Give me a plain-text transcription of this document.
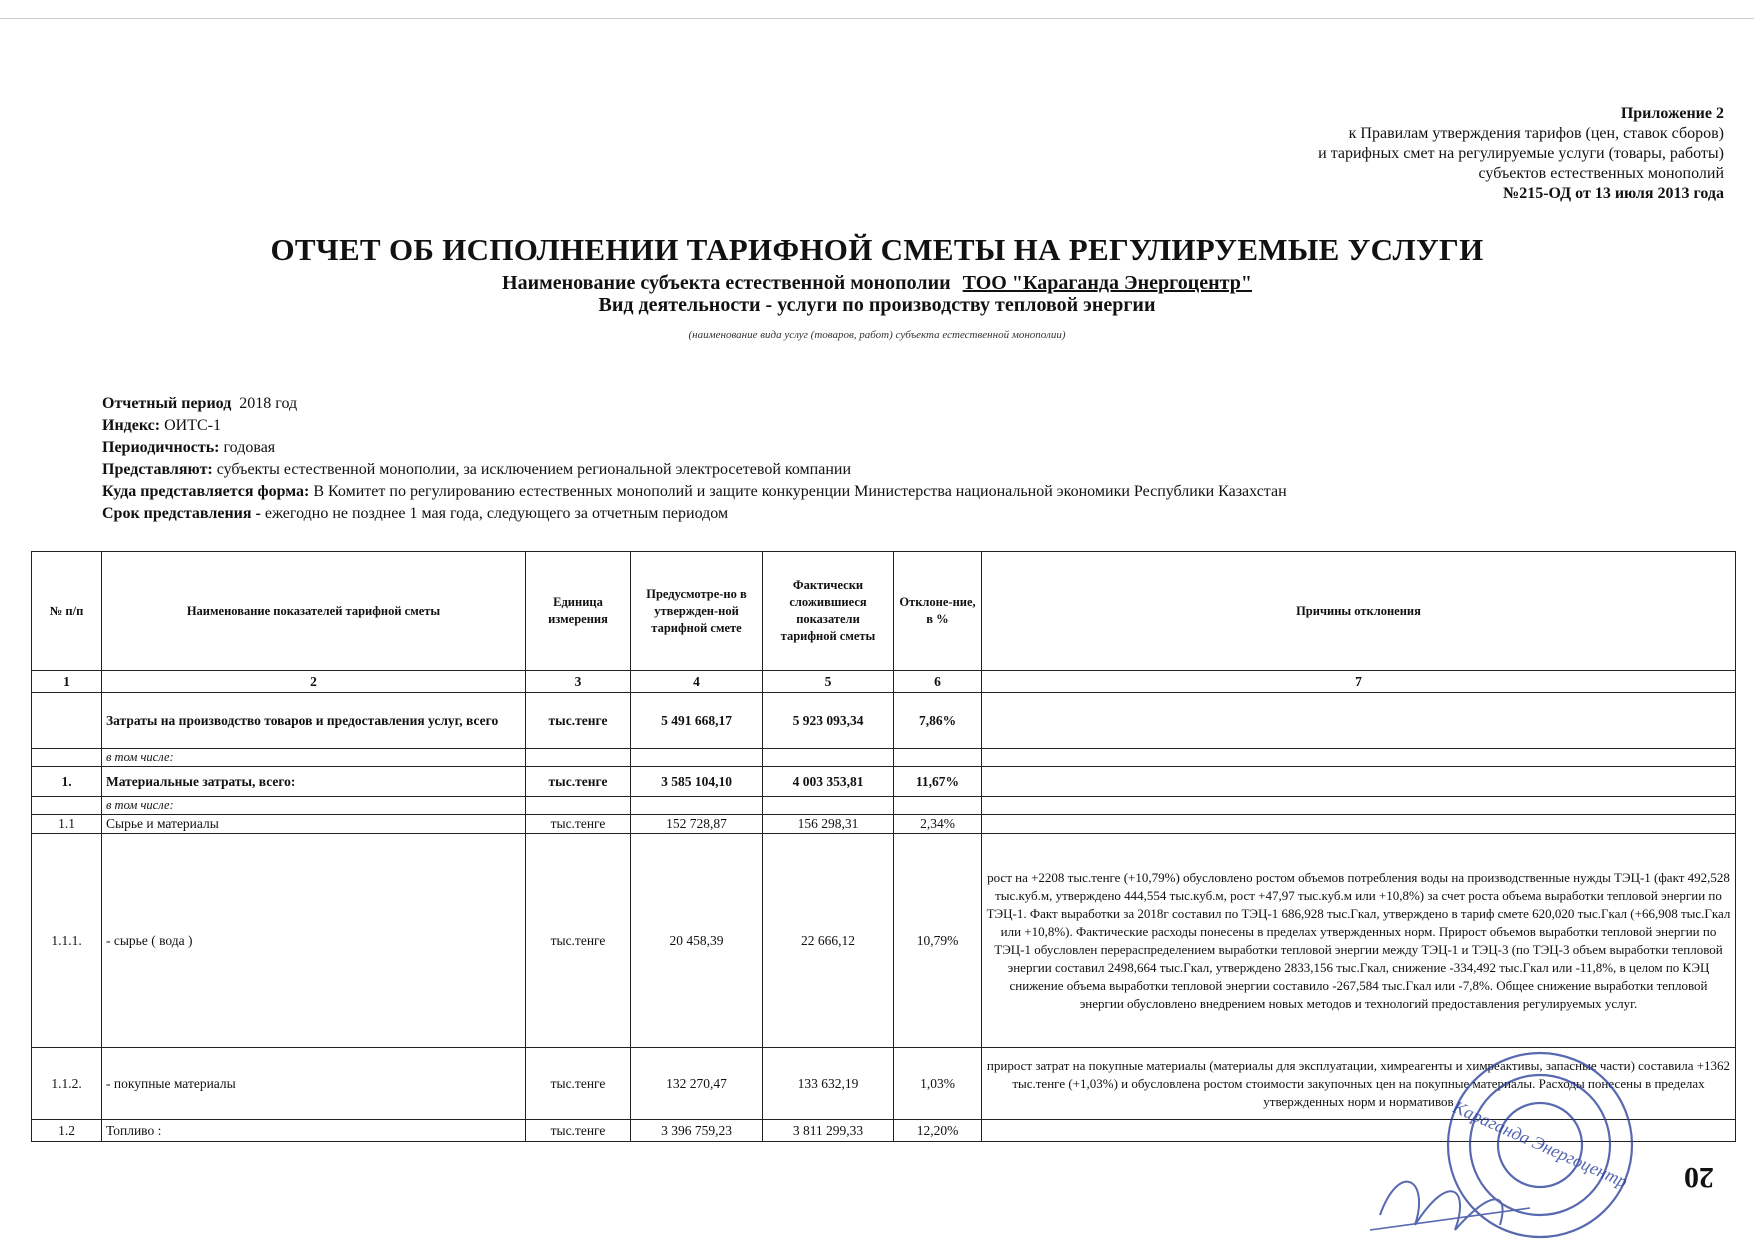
Приложение 2
к Правилам утверждения тарифов (цен, ставок сборов)
и тарифных смет на регулируемые услуги (товары, работы)
субъектов естественных монополий
№215-ОД от 13 июля 2013 года
ОТЧЕТ ОБ ИСПОЛНЕНИИ ТАРИФНОЙ СМЕТЫ НА РЕГУЛИРУЕМЫЕ УСЛУГИ
Наименование субъекта естественной монополии ТОО "Караганда Энергоцентр"
Вид деятельности - услуги по производству тепловой энергии
(наименование вида услуг (товаров, работ) субъекта естественной монополии)
Отчетный период 2018 год
Индекс: ОИТС-1
Периодичность: годовая
Представляют: субъекты естественной монополии, за исключением региональной электросетевой компании
Куда представляется форма: В Комитет по регулированию естественных монополий и защите конкуренции Министерства национальной экономики Республики Казахстан
Срок представления - ежегодно не позднее 1 мая года, следующего за отчетным периодом
№ п/п	Наименование показателей тарифной сметы	Единица измерения	Предусмотре-но в утвержден-ной тарифной смете	Фактически сложившиеся показатели тарифной сметы	Отклоне-ние, в %	Причины отклонения
1	2	3	4	5	6	7
	Затраты на производство товаров и предоставления услуг, всего	тыс.тенге	5 491 668,17	5 923 093,34	7,86%	
	в том числе:					
1.	Материальные затраты, всего:	тыс.тенге	3 585 104,10	4 003 353,81	11,67%	
	в том числе:					
1.1	Сырье и материалы	тыс.тенге	152 728,87	156 298,31	2,34%	
1.1.1.	- сырье ( вода )	тыс.тенге	20 458,39	22 666,12	10,79%	рост на +2208 тыс.тенге (+10,79%) обусловлено ростом объемов потребления воды на производственные нужды ТЭЦ-1 (факт 492,528 тыс.куб.м, утверждено 444,554 тыс.куб.м, рост +47,97 тыс.куб.м или +10,8%) за счет роста объема выработки тепловой энергии по ТЭЦ-1. Факт выработки за 2018г составил по ТЭЦ-1 686,928 тыс.Гкал, утверждено в тариф смете 620,020 тыс.Гкал (+66,908 тыс.Гкал или +10,8%). Фактические расходы понесены в пределах утвержденных норм. Прирост объемов выработки тепловой энергии по ТЭЦ-1 обусловлен перераспределением выработки тепловой энергии между ТЭЦ-1 и ТЭЦ-3 (по ТЭЦ-3 объем выработки тепловой энергии составил 2498,664 тыс.Гкал, утверждено 2833,156 тыс.Гкал, снижение -334,492 тыс.Гкал или -11,8%, в целом по КЭЦ снижение объема выработки тепловой энергии составило -267,584 тыс.Гкал или -7,8%. Общее снижение выработки тепловой энергии обусловлено внедрением новых методов и технологий предоставления регулируемых услуг.
1.1.2.	- покупные материалы	тыс.тенге	132 270,47	133 632,19	1,03%	прирост затрат на покупные материалы (материалы для эксплуатации, химреагенты и химреактивы, запасные части) составила +1362 тыс.тенге (+1,03%) и обусловлена ростом стоимости закупочных цен на покупные материалы. Расходы понесены в пределах утвержденных норм и нормативов
1.2	Топливо :	тыс.тенге	3 396 759,23	3 811 299,33	12,20%		Караганда Энергоцентр 20
